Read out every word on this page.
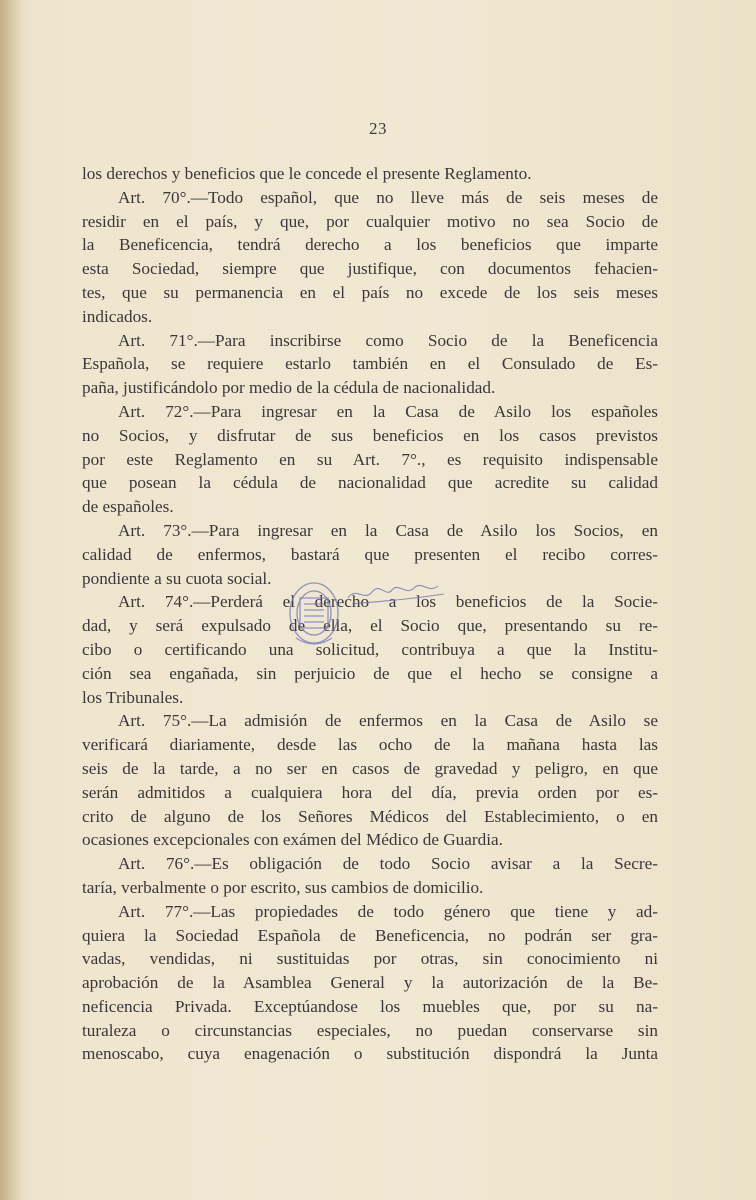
23
los derechos y beneficios que le concede el presente Reglamento.
Art. 70°.—Todo español, que no lleve más de seis meses de
residir en el país, y que, por cualquier motivo no sea Socio de
la Beneficencia, tendrá derecho a los beneficios que imparte
esta Sociedad, siempre que justifique, con documentos fehacien-
tes, que su permanencia en el país no excede de los seis meses
indicados.
Art. 71°.—Para inscribirse como Socio de la Beneficencia
Española, se requiere estarlo también en el Consulado de Es-
paña, justificándolo por medio de la cédula de nacionalidad.
Art. 72°.—Para ingresar en la Casa de Asilo los españoles
no Socios, y disfrutar de sus beneficios en los casos previstos
por este Reglamento en su Art. 7°., es requisito indispensable
que posean la cédula de nacionalidad que acredite su calidad
de españoles.
Art. 73°.—Para ingresar en la Casa de Asilo los Socios, en
calidad de enfermos, bastará que presenten el recibo corres-
pondiente a su cuota social.
Art. 74°.—Perderá el derecho a los beneficios de la Socie-
dad, y será expulsado de ella, el Socio que, presentando su re-
cibo o certificando una solicitud, contribuya a que la Institu-
ción sea engañada, sin perjuicio de que el hecho se consigne a
los Tribunales.
Art. 75°.—La admisión de enfermos en la Casa de Asilo se
verificará diariamente, desde las ocho de la mañana hasta las
seis de la tarde, a no ser en casos de gravedad y peligro, en que
serán admitidos a cualquiera hora del día, previa orden por es-
crito de alguno de los Señores Médicos del Establecimiento, o en
ocasiones excepcionales con exámen del Médico de Guardia.
Art. 76°.—Es obligación de todo Socio avisar a la Secre-
taría, verbalmente o por escrito, sus cambios de domicilio.
Art. 77°.—Las propiedades de todo género que tiene y ad-
quiera la Sociedad Española de Beneficencia, no podrán ser gra-
vadas, vendidas, ni sustituidas por otras, sin conocimiento ni
aprobación de la Asamblea General y la autorización de la Be-
neficencia Privada. Exceptúandose los muebles que, por su na-
turaleza o circunstancias especiales, no puedan conservarse sin
menoscabo, cuya enagenación o substitución dispondrá la Junta
